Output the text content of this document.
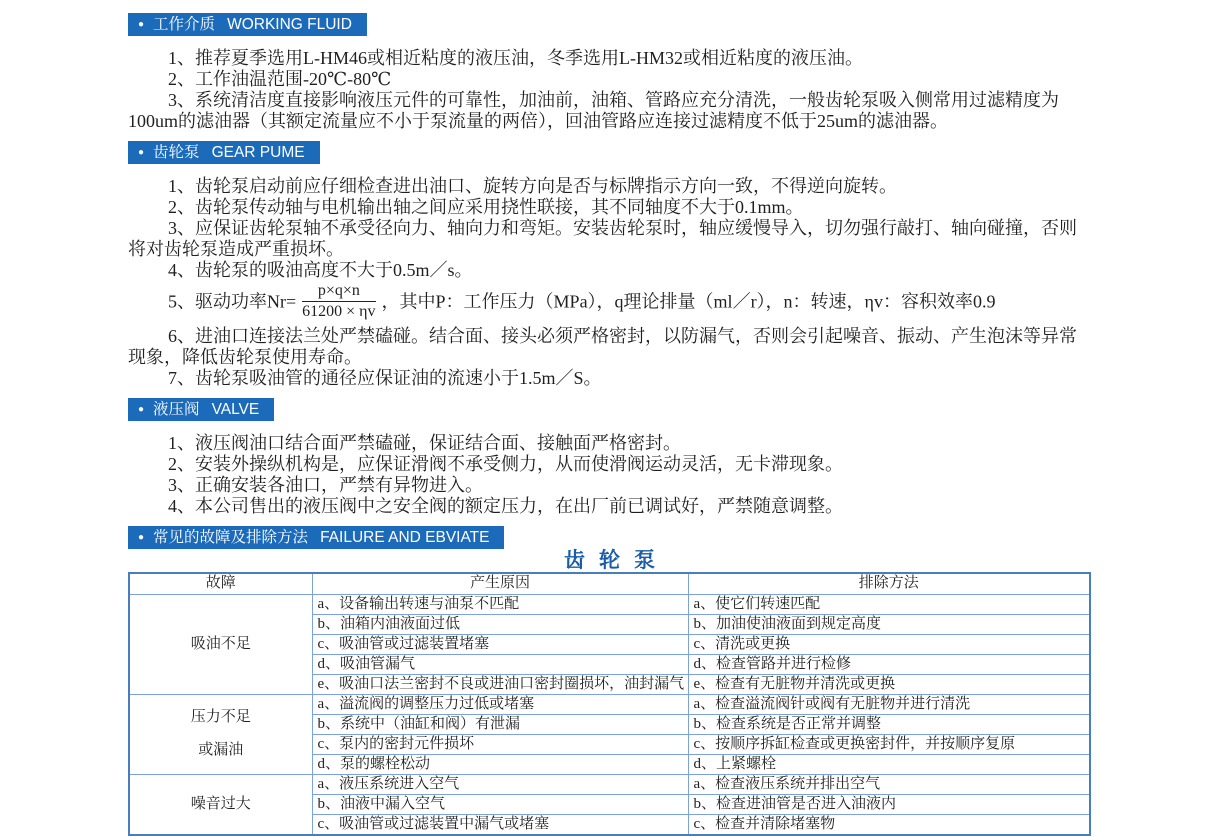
● 工作介质 WORKING FLUID

1、推荐夏季选用L-HM46或相近粘度的液压油，冬季选用L-HM32或相近粘度的液压油。

2、工作油温范围-20℃-80℃

3、系统清洁度直接影响液压元件的可靠性，加油前，油箱、管路应充分清洗，一般齿轮泵吸入侧常用过滤精度为100um的滤油器（其额定流量应不小于泵流量的两倍），回油管路应连接过滤精度不低于25um的滤油器。

● 齿轮泵 GEAR PUME

1、齿轮泵启动前应仔细检查进出油口、旋转方向是否与标牌指示方向一致，不得逆向旋转。

2、齿轮泵传动轴与电机输出轴之间应采用挠性联接，其不同轴度不大于0.1mm。

3、应保证齿轮泵轴不承受径向力、轴向力和弯矩。安装齿轮泵时，轴应缓慢导入，切勿强行敲打、轴向碰撞，否则将对齿轮泵造成严重损坏。

4、齿轮泵的吸油高度不大于0.5m／s。

5、驱动功率$Nr= \frac{p\times q\times n}{61200 \times \eta v}$ ，其中P：工作压力（MPa），q理论排量（ml／r），n：转速，ηv：容积效率0.9

6、进油口连接法兰处严禁磕碰。结合面、接头必须严格密封，以防漏气，否则会引起噪音、振动、产生泡沫等异常现象，降低齿轮泵使用寿命。

7、齿轮泵吸油管的通径应保证油的流速小于1.5m／S。

● 液压阀 VALVE

1、液压阀油口结合面严禁磕碰，保证结合面、接触面严格密封。

2、安装外操纵机构是，应保证滑阀不承受侧力，从而使滑阀运动灵活，无卡滞现象。

3、正确安装各油口，严禁有异物进入。

4、本公司售出的液压阀中之安全阀的额定压力，在出厂前已调试好，严禁随意调整。

● 常见的故障及排除方法 FAILURE AND EBVIATE
齿轮泵
故障	产生原因	排除方法
吸油不足	a、设备输出转速与油泵不匹配	a、使它们转速匹配
	b、油箱内油液面过低	b、加油使油液面到规定高度
	c、吸油管或过滤装置堵塞	c、清洗或更换
	d、吸油管漏气	d、检查管路并进行检修
	e、吸油口法兰密封不良或进油口密封圈损坏，油封漏气	e、检查有无脏物并清洗或更换

压力不足
或漏油	a、溢流阀的调整压力过低或堵塞	a、检查溢流阀针或阀有无脏物并进行清洗
	b、系统中（油缸和阀）有泄漏	b、检查系统是否正常并调整
	c、泵内的密封元件损坏	c、按顺序拆缸检查或更换密封件，并按顺序复原
	d、泵的螺栓松动	d、上紧螺栓
噪音过大	a、液压系统进入空气	a、检查液压系统并排出空气
	b、油液中漏入空气	b、检查进油管是否进入油液内
	c、吸油管或过滤装置中漏气或堵塞	c、检查并清除堵塞物
